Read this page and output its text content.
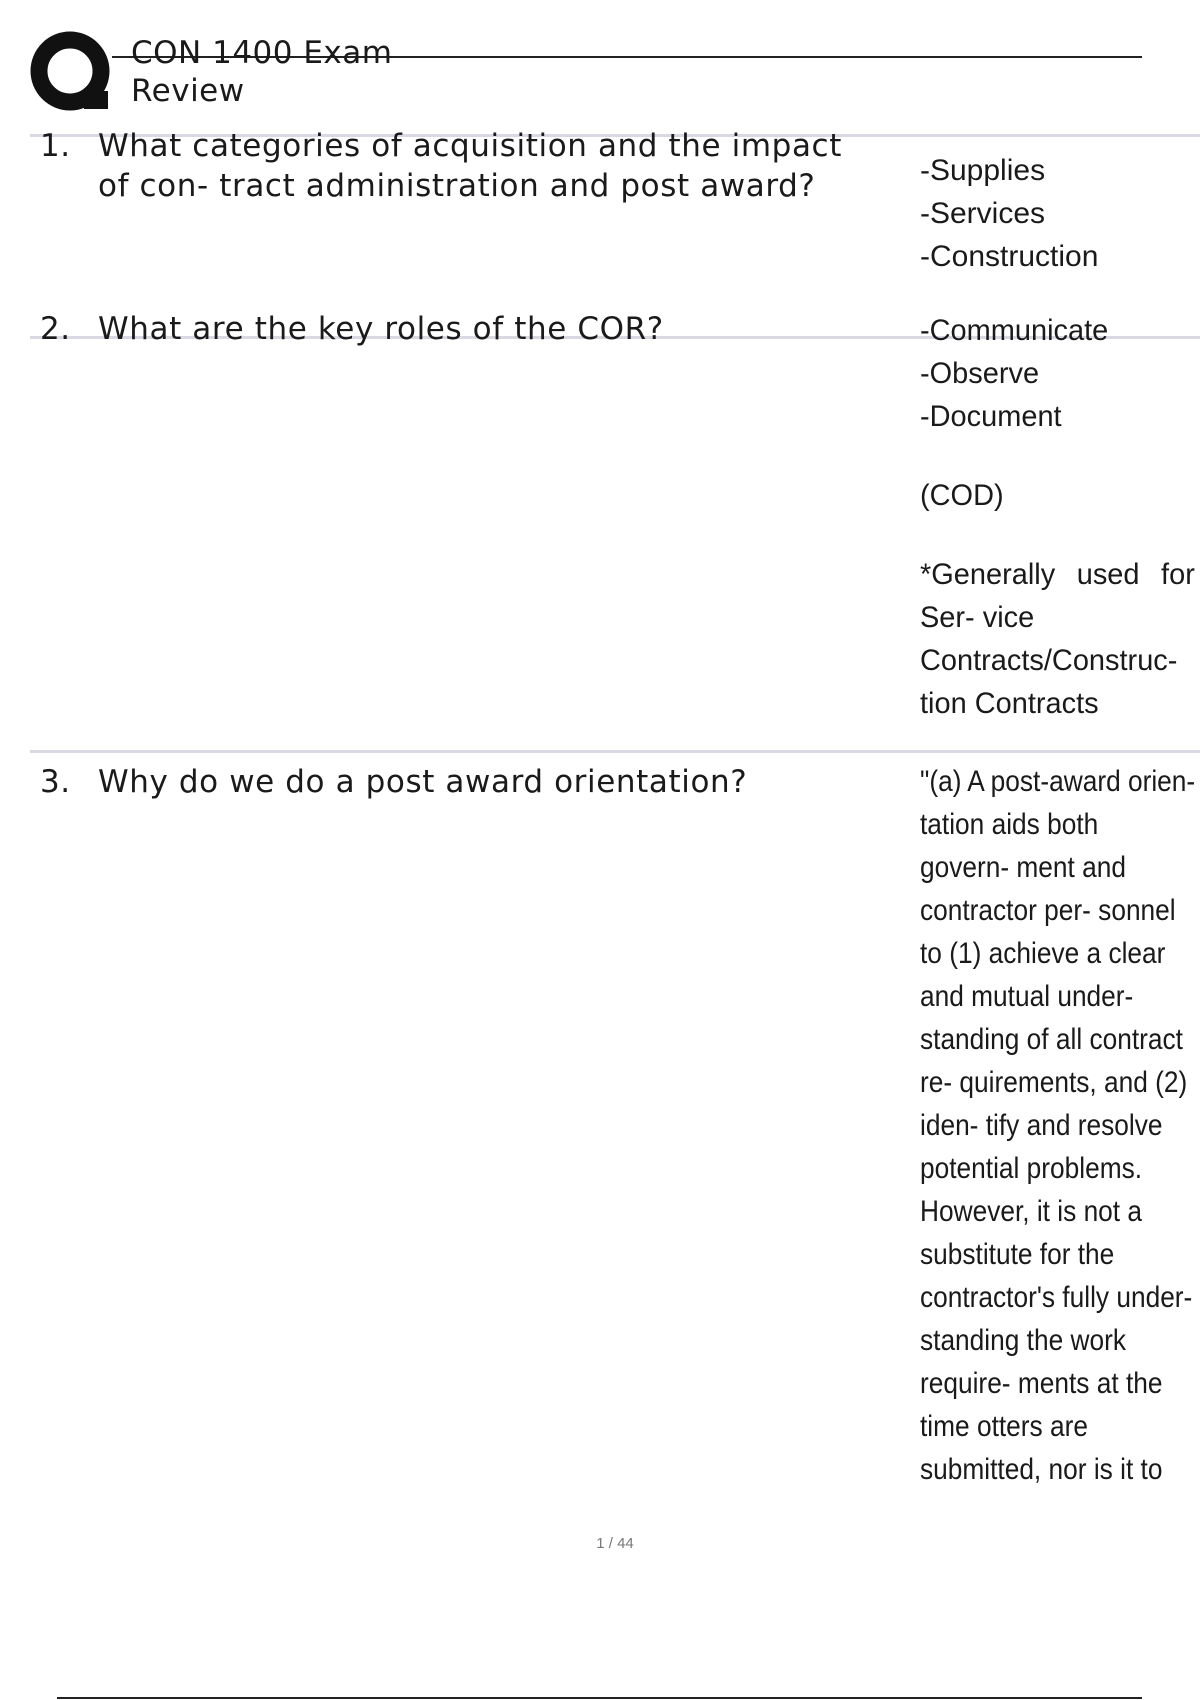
CON 1400 Exam
Review
1. What categories of acquisition and the impact
of con- tract administration and post award?	-Supplies
-Services
-Construction
2. What are the key roles of the COR?	-Communicate
-Observe
-Document
(COD)
*Generally used for
Ser- vice
Contracts/Construc-
tion Contracts
3. Why do we do a post award orientation?	"(a) A post-award orien-
tation aids both
govern- ment and
contractor per- sonnel
to (1) achieve a clear
and mutual under-
standing of all contract
re- quirements, and (2)
iden- tify and resolve
potential problems.
However, it is not a
substitute for the
contractor's fully under-
standing the work
require- ments at the
time otters are
submitted, nor is it to
1 / 44
